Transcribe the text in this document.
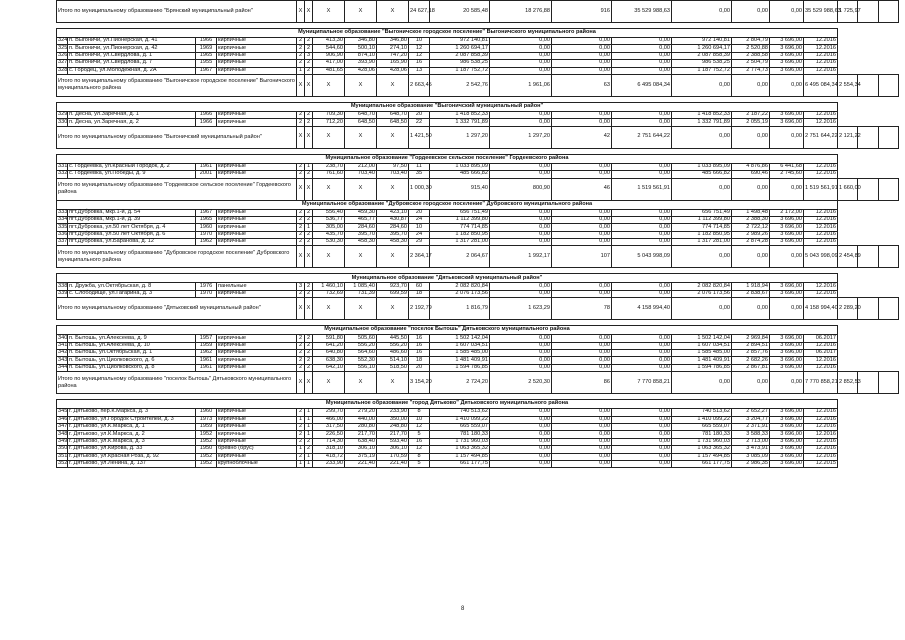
Итого по муниципальному образованию "Брянский муниципальный район"				X	X	X	X	X	24 627,18	20 585,48	18 276,88	916	35 529 988,63	0,00	0,00	0,00	35 529 988,63	1 725,97		

Муниципальное образование "Выгоничское городское поселение" Выгоничского муниципального района																				
324	п. Выгоничи, ул.Пионерская, д. 41	1966	кирпичные	2	2	413,30	346,80	346,80	10	972 140,81	0,00	0,00	0,00	972 140,81	2 804,79	3 696,00	12.2016			
325	п. Выгоничи, ул.Пионерская, д. 42	1969	кирпичные	2	2	544,60	500,10	274,10	12	1 260 694,17	0,00	0,00	0,00	1 260 694,17	2 520,88	3 696,00	12.2016			
326	п. Выгоничи, ул.Свердлова, д. 1	1965	кирпичные	2	3	906,90	874,10	747,20	12	2 087 858,39	0,00	0,00	0,00	2 087 858,39	2 388,58	3 696,00	12.2016			
327	п. Выгоничи, ул.Свердлова, д. 7	1955	кирпичные	2	2	417,00	393,90	165,90	16	986 538,25	0,00	0,00	0,00	986 538,25	2 504,79	3 696,00	12.2016			
328	с. Городец, ул.Молодежная, д. 2А	1967	кирпичные	1	2	481,65	428,06	428,06	13	1 187 752,72	0,00	0,00	0,00	1 187 752,72	2 774,73	3 696,00	12.2016			
Итого по муниципальному образованию "Выгоничское городское поселение" Выгоничского муниципального района				X	X	X	X	X	2 663,45	2 542,76	1 961,06	63	6 495 084,34	0,00	0,00	0,00	6 495 084,34	2 554,34		

Муниципальное образование "Выгоничский муниципальный район"																				
329	п. Десна, ул.Заречная, д. 1	1966	кирпичные	2	2	709,30	648,70	648,70	20	1 418 852,33	0,00	0,00	0,00	1 418 852,33	2 187,22	3 696,00	12.2016			
330	п. Десна, ул.Заречная, д. 2	1966	кирпичные	2	2	712,20	648,50	648,50	22	1 332 791,89	0,00	0,00	0,00	1 332 791,89	2 055,19	3 696,00	12.2016			
Итого по муниципальному образованию "Выгоничский муниципальный район"				X	X	X	X	X	1 421,50	1 297,20	1 297,20	42	2 751 644,22	0,00	0,00	0,00	2 751 644,22	2 121,22		

Муниципальное образование "Гордеевское сельское поселение" Гордеевского района																				
331	с. Гордеевка, ул.Красный Городок, д. 2	1961	кирпичные	2	1	238,70	212,00	97,50	11	1 033 895,09	0,00	0,00	0,00	1 033 895,09	4 876,86	6 441,68	12.2016			
332	с. Гордеевка, ул.Победы, д. 9	2001	кирпичные	2	2	761,60	703,40	703,40	35	485 666,82	0,00	0,00	0,00	485 666,82	690,46	2 745,60	12.2016			
Итого по муниципальному образованию "Гордеевское сельское поселение" Гордеевского района				X	X	X	X	X	1 000,30	915,40	800,90	46	1 519 561,91	0,00	0,00	0,00	1 519 561,91	1 660,00		
Муниципальное образование "Дубровское городское поселение" Дубровского муниципального района																				
333	пгт.Дубровка, мкр.1-й, д. 54	1967	кирпичные	2	2	556,40	459,30	423,10	20	656 751,49	0,00	0,00	0,00	656 751,49	1 498,48	2 172,00	12.2016			
334	пгт.Дубровка, мкр.1-й, д. 39	1965	кирпичные	2	2	536,77	465,77	430,87	24	1 112 399,80	0,00	0,00	0,00	1 112 399,80	2 388,30	3 696,00	12.2016			
335	пгт.Дубровка, ул.50 лет Октября, д. 4	1960	кирпичные	2	1	305,00	284,60	284,60	10	774 714,85	0,00	0,00	0,00	774 714,85	2 722,12	3 696,00	12.2016			
336	пгт.Дубровка, ул.50 лет Октября, д. 6	1970	кирпичные	2	2	435,70	395,70	395,70	24	1 182 850,95	0,00	0,00	0,00	1 182 850,95	2 989,26	3 696,00	12.2016			
337	пгт.Дубровка, ул.Баранова, д. 12	1962	кирпичные	2	2	530,30	458,30	458,30	29	1 317 281,00	0,00	0,00	0,00	1 317 281,00	2 874,28	3 696,00	12.2016			
Итого по муниципальному образованию "Дубровское городское поселение" Дубровского муниципального района				X	X	X	X	X	2 364,17	2 064,67	1 992,17	107	5 043 998,09	0,00	0,00	0,00	5 043 998,09	2 454,89		

Муниципальное образование "Дятьковский муниципальный район"																				
338	п. Дружба, ул.Октябрьская, д. 8	1976	панельные	3	2	1 460,10	1 085,40	923,70	60	2 082 820,84	0,00	0,00	0,00	2 082 820,84	1 918,94	3 696,00	12.2016			
339	с. Слободище, ул.Гагарина, д. 3	1970	кирпичные	2	2	732,69	731,39	699,59	18	2 076 173,56	0,00	0,00	0,00	2 076 173,56	2 838,67	3 696,00	12.2016			
Итого по муниципальному образованию "Дятьковский муниципальный район"				X	X	X	X	X	2 192,79	1 816,79	1 623,29	78	4 158 994,40	0,00	0,00	0,00	4 158 994,40	2 289,20		

Муниципальное образование "поселок Бытошь" Дятьковского муниципального района																				
340	п. Бытошь, ул.Алексеева, д. 9	1957	кирпичные	2	2	591,80	505,60	445,50	16	1 502 142,04	0,00	0,00	0,00	1 502 142,04	2 969,84	3 696,00	06.2017			
341	п. Бытошь, ул.Алексеева, д. 10	1959	кирпичные	2	2	641,20	556,20	556,20	16	1 607 034,51	0,00	0,00	0,00	1 607 034,51	2 894,51	3 696,00	12.2016			
342	п. Бытошь, ул.Октябрьская, д. 1	1962	кирпичные	2	2	640,80	564,60	486,60	16	1 585 485,00	0,00	0,00	0,00	1 585 485,00	2 857,76	3 696,00	06.2017			
343	п. Бытошь, ул.Циолковского, д. 6	1961	кирпичные	2	2	638,30	552,30	514,10	18	1 481 409,91	0,00	0,00	0,00	1 481 409,91	2 682,26	3 696,00	12.2016			
344	п. Бытошь, ул.Циолковского, д. 8	1961	кирпичные	2	2	642,10	556,10	518,50	20	1 594 786,85	0,00	0,00	0,00	1 594 786,85	2 867,81	3 696,00	12.2016			
Итого по муниципальному образованию "поселок Бытошь" Дятьковского муниципального района				X	X	X	X	X	3 154,20	2 724,20	2 520,30	86	7 770 858,21	0,00	0,00	0,00	7 770 858,21	2 852,53		

Муниципальное образование "город Дятьково" Дятьковского муниципального района																				
345	г. Дятьково, пер.К.Маркса, д. 3	1960	кирпичные	2	1	299,70	279,20	233,90	8	740 513,62	0,00	0,00	0,00	740 513,62	2 652,27	3 696,00	12.2016			
346	г. Дятьково, ул.Городок Строителей, д. 3	1973	кирпичные	1	1	466,00	440,00	350,00	10	1 410 099,22	0,00	0,00	0,00	1 410 099,22	3 204,77	3 696,00	12.2016			
347	г. Дятьково, ул.К.Маркса, д. 1	1959	кирпичные	2	1	317,50	280,80	248,80	12	665 559,07	0,00	0,00	0,00	665 559,07	2 371,91	3 696,00	12.2016			
348	г. Дятьково, ул.К.Маркса, д. 2	1952	кирпичные	2	1	226,50	217,70	217,70	5	781 180,33	0,00	0,00	0,00	781 180,33	3 588,33	3 696,00	12.2016			
349	г. Дятьково, ул.К.Маркса, д. 3	1952	кирпичные	2	2	714,30	638,40	593,40	16	1 731 960,03	0,00	0,00	0,00	1 731 960,03	2 713,00	3 696,00	12.2016			
350	г. Дятьково, ул.Кирова, д. 33	1950	брёвно (брус)	1	2	318,10	306,10	306,10	12	1 063 365,32	0,00	0,00	0,00	1 063 365,32	3 473,91	3 696,00	12.2016			
351	г. Дятьково, ул.Красная Роза, д. 92	1952	кирпичные	2	1	418,72	375,19	170,59	8	1 157 494,85	0,00	0,00	0,00	1 157 494,85	3 085,09	3 696,00	12.2016			
352	г. Дятьково, ул.Ленина, д. 137	1952	крупноблочные	1	1	233,90	221,40	221,40	5	661 177,75	0,00	0,00	0,00	661 177,75	2 986,35	3 696,00	12.2015			
8
